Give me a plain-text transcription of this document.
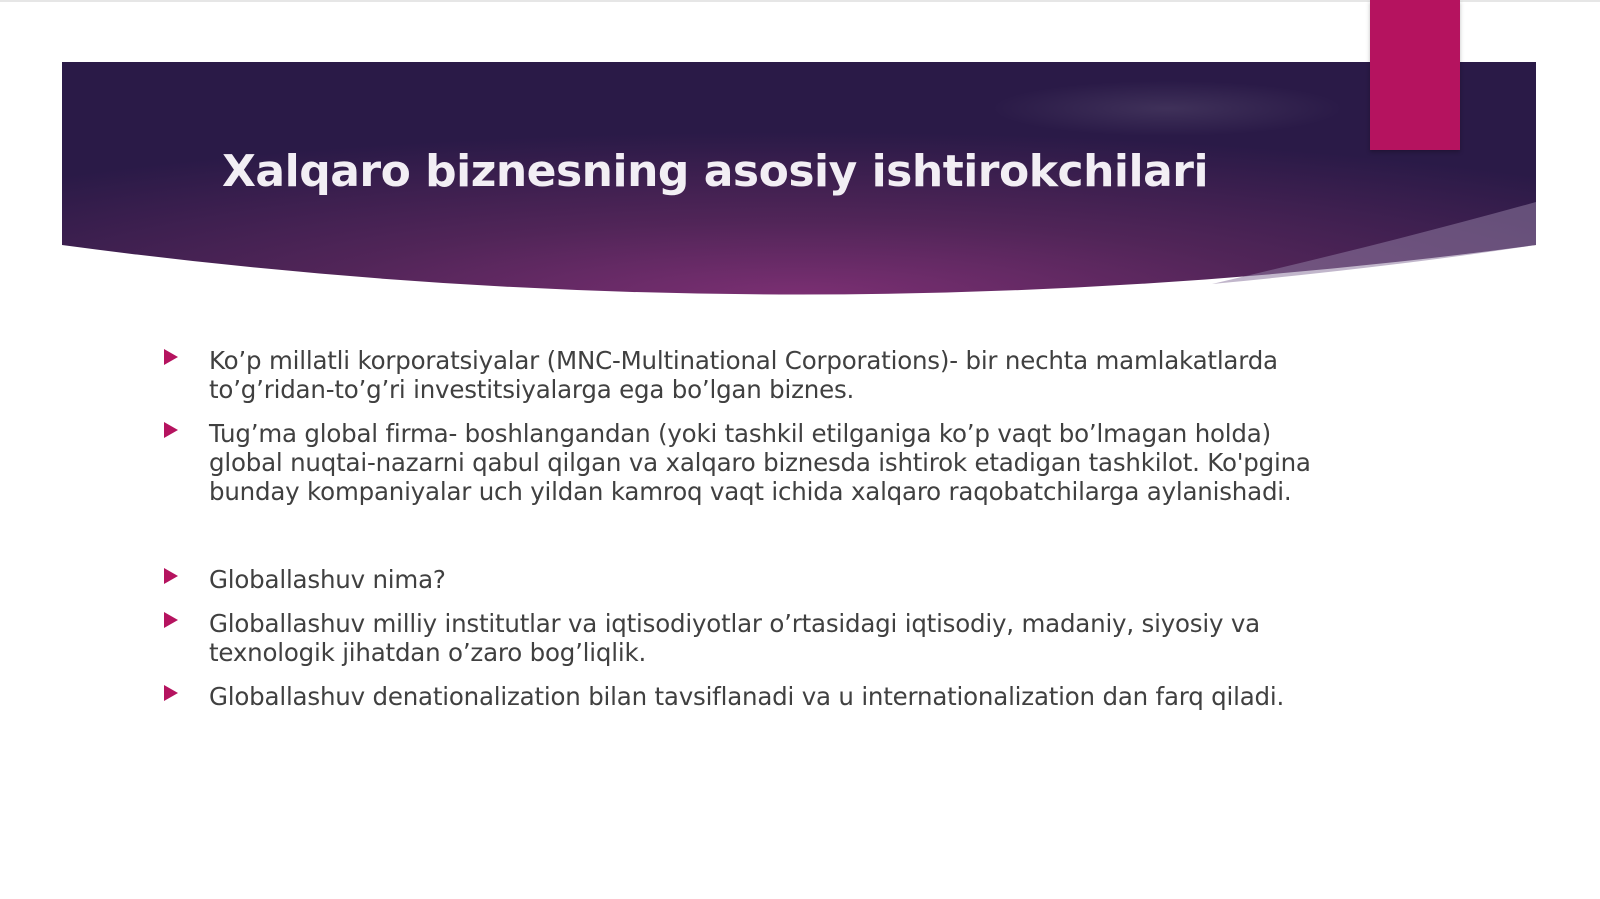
Xalqaro biznesning asosiy ishtirokchilari
Ko’p millatli korporatsiyalar (MNC-Multinational Corporations)- bir nechta mamlakatlarda to’g’ridan-to’g’ri investitsiyalarga ega bo’lgan biznes.
Tug’ma global firma- boshlangandan (yoki tashkil etilganiga ko’p vaqt bo’lmagan holda) global nuqtai-nazarni qabul qilgan va xalqaro biznesda ishtirok etadigan tashkilot. Ko'pgina bunday kompaniyalar uch yildan kamroq vaqt ichida xalqaro raqobatchilarga aylanishadi.
Globallashuv nima?
Globallashuv milliy institutlar va iqtisodiyotlar o’rtasidagi iqtisodiy, madaniy, siyosiy va texnologik jihatdan o’zaro bog’liqlik.
Globallashuv denationalization bilan tavsiflanadi va u internationalization dan farq qiladi.
